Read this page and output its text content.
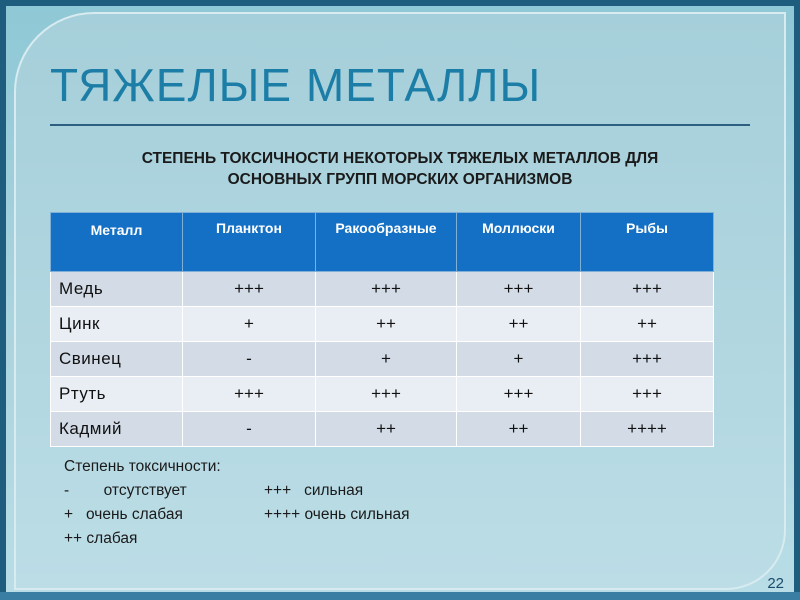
ТЯЖЕЛЫЕ МЕТАЛЛЫ
СТЕПЕНЬ ТОКСИЧНОСТИ НЕКОТОРЫХ ТЯЖЕЛЫХ МЕТАЛЛОВ ДЛЯ
ОСНОВНЫХ ГРУПП МОРСКИХ ОРГАНИЗМОВ
Металл	Планктон	Ракообразные	Моллюски	Рыбы
Медь	+++	+++	+++	+++
Цинк	+	++	++	++
Свинец	-	+	+	+++
Ртуть	+++	+++	+++	+++
Кадмий	-	++	++	++++
Степень токсичности:
-        отсутствует	+++   сильная
+   очень слабая	++++ очень сильная
++ слабая
22
